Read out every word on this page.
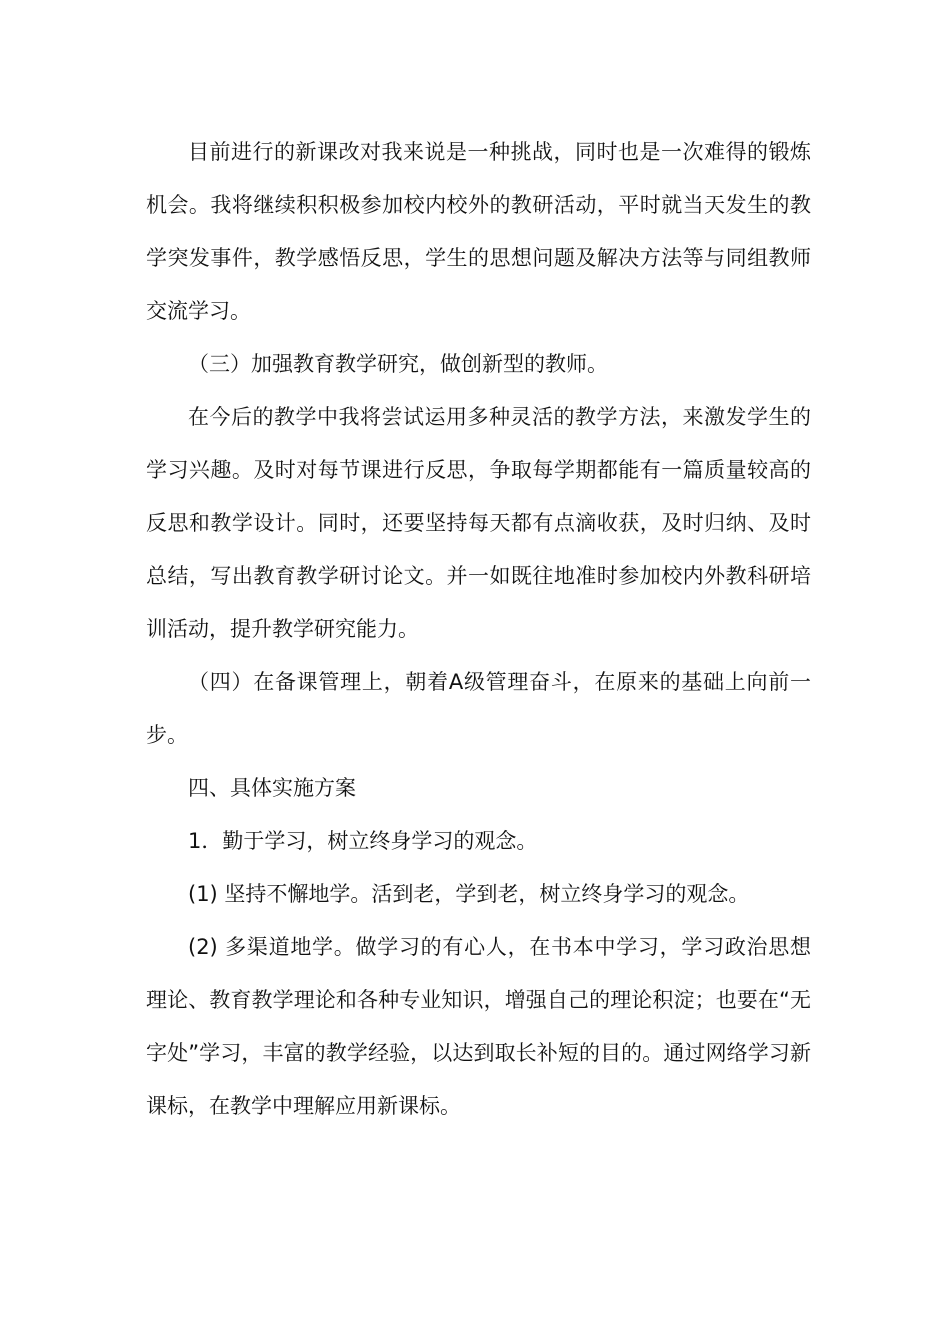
目前进行的新课改对我来说是一种挑战，同时也是一次难得的锻炼机会。我将继续积积极参加校内校外的教研活动，平时就当天发生的教学突发事件，教学感悟反思，学生的思想问题及解决方法等与同组教师交流学习。

（三）加强教育教学研究，做创新型的教师。

在今后的教学中我将尝试运用多种灵活的教学方法，来激发学生的学习兴趣。及时对每节课进行反思，争取每学期都能有一篇质量较高的反思和教学设计。同时，还要坚持每天都有点滴收获，及时归纳、及时总结，写出教育教学研讨论文。并一如既往地准时参加校内外教科研培训活动，提升教学研究能力。

（四）在备课管理上，朝着A级管理奋斗，在原来的基础上向前一步。

四、具体实施方案

1．勤于学习，树立终身学习的观念。

(1) 坚持不懈地学。活到老，学到老，树立终身学习的观念。

(2) 多渠道地学。做学习的有心人，在书本中学习，学习政治思想理论、教育教学理论和各种专业知识，增强自己的理论积淀；也要在“无字处”学习，丰富的教学经验，以达到取长补短的目的。通过网络学习新课标，在教学中理解应用新课标。
